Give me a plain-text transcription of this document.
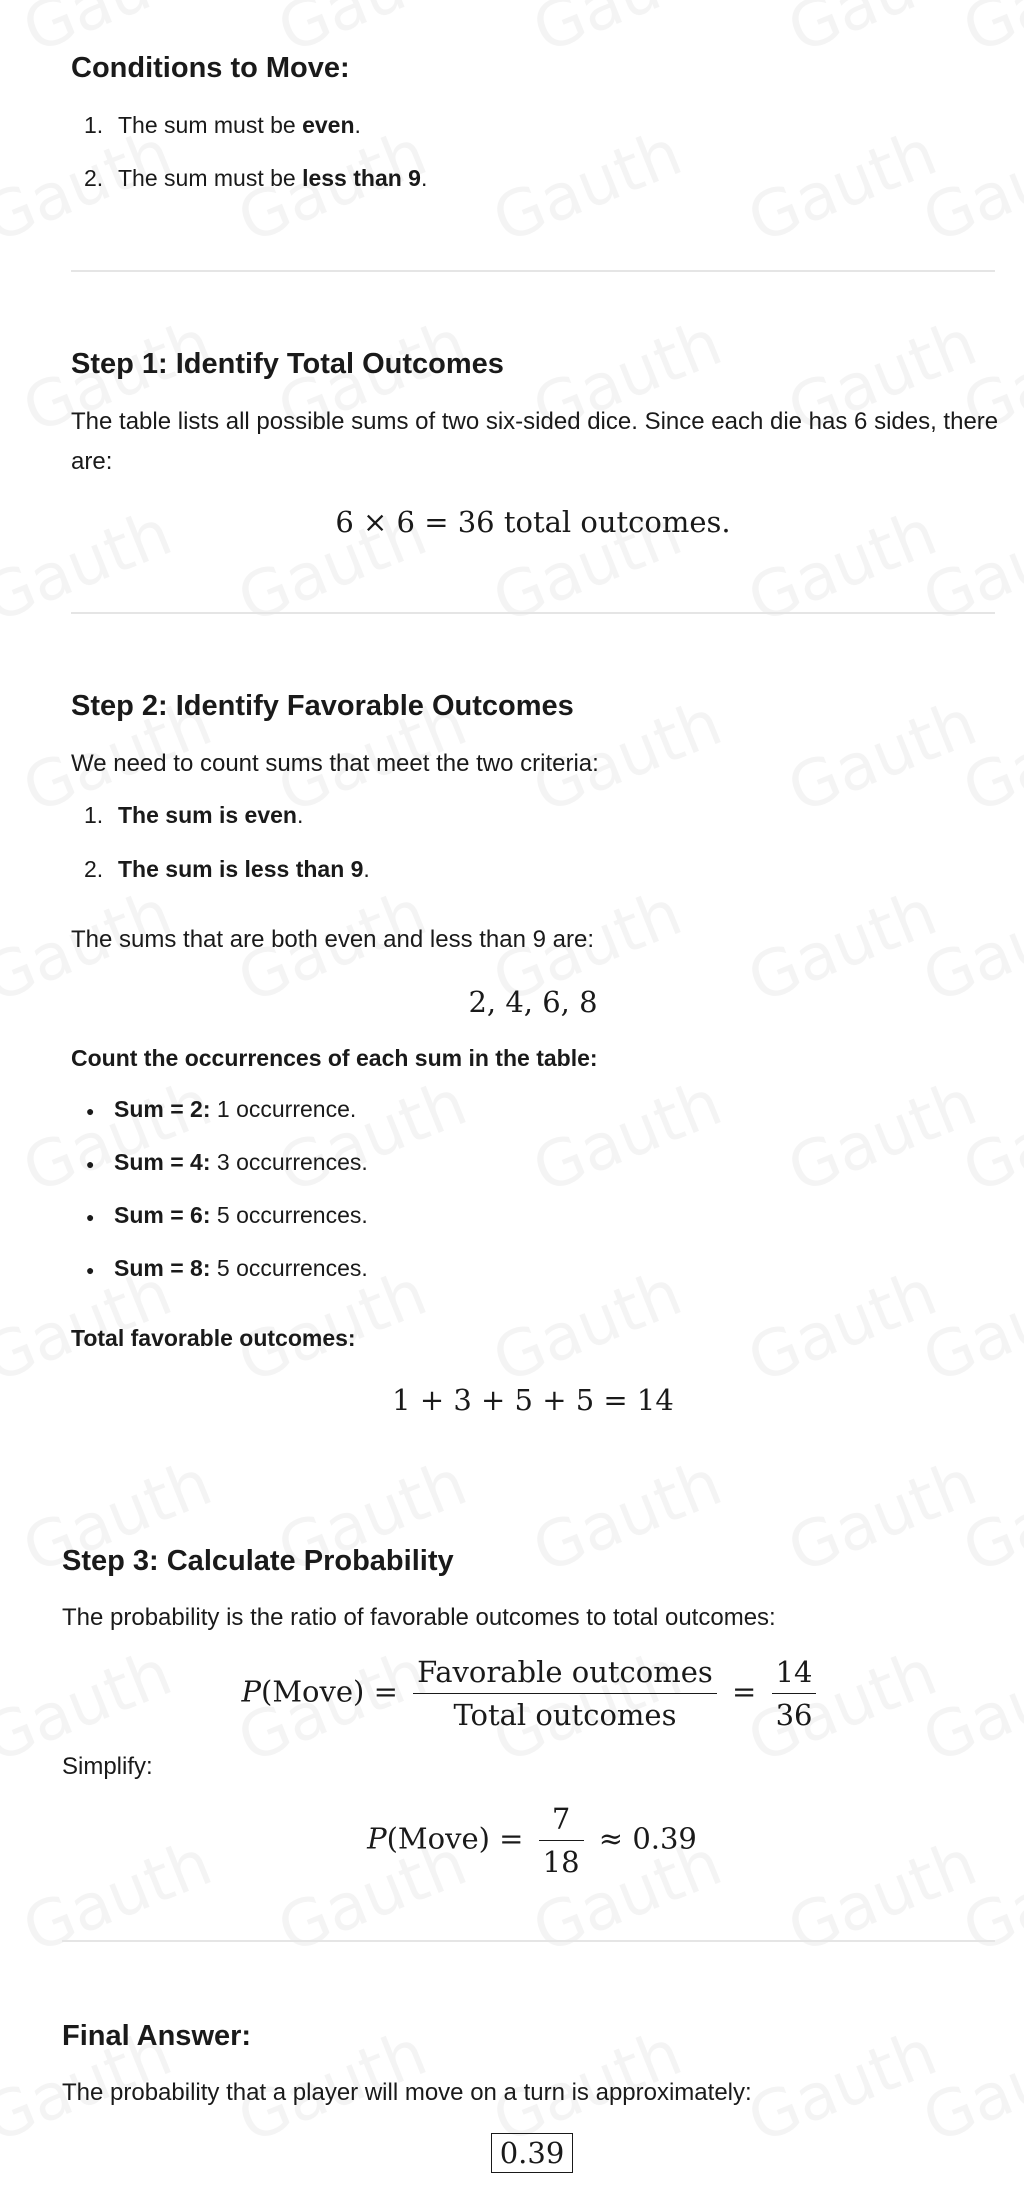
Conditions to Move:
1. The sum must be even.
2. The sum must be less than 9.
Step 1: Identify Total Outcomes
The table lists all possible sums of two six-sided dice. Since each die has 6 sides, there are:
6 × 6 = 36 total outcomes.
Step 2: Identify Favorable Outcomes
We need to count sums that meet the two criteria:
1. The sum is even.
2. The sum is less than 9.
The sums that are both even and less than 9 are:
2, 4, 6, 8
Count the occurrences of each sum in the table:
● Sum = 2: 1 occurrence.
● Sum = 4: 3 occurrences.
● Sum = 6: 5 occurrences.
● Sum = 8: 5 occurrences.
Total favorable outcomes:
1 + 3 + 5 + 5 = 14
Step 3: Calculate Probability
The probability is the ratio of favorable outcomes to total outcomes:
P(Move) = $\frac{\text{Favorable outcomes}}{\text{Total outcomes}} = \frac{14}{36}$
Simplify:
P(Move) = $\frac{7}{18} \approx 0.39$
Final Answer:
The probability that a player will move on a turn is approximately:
0.39
